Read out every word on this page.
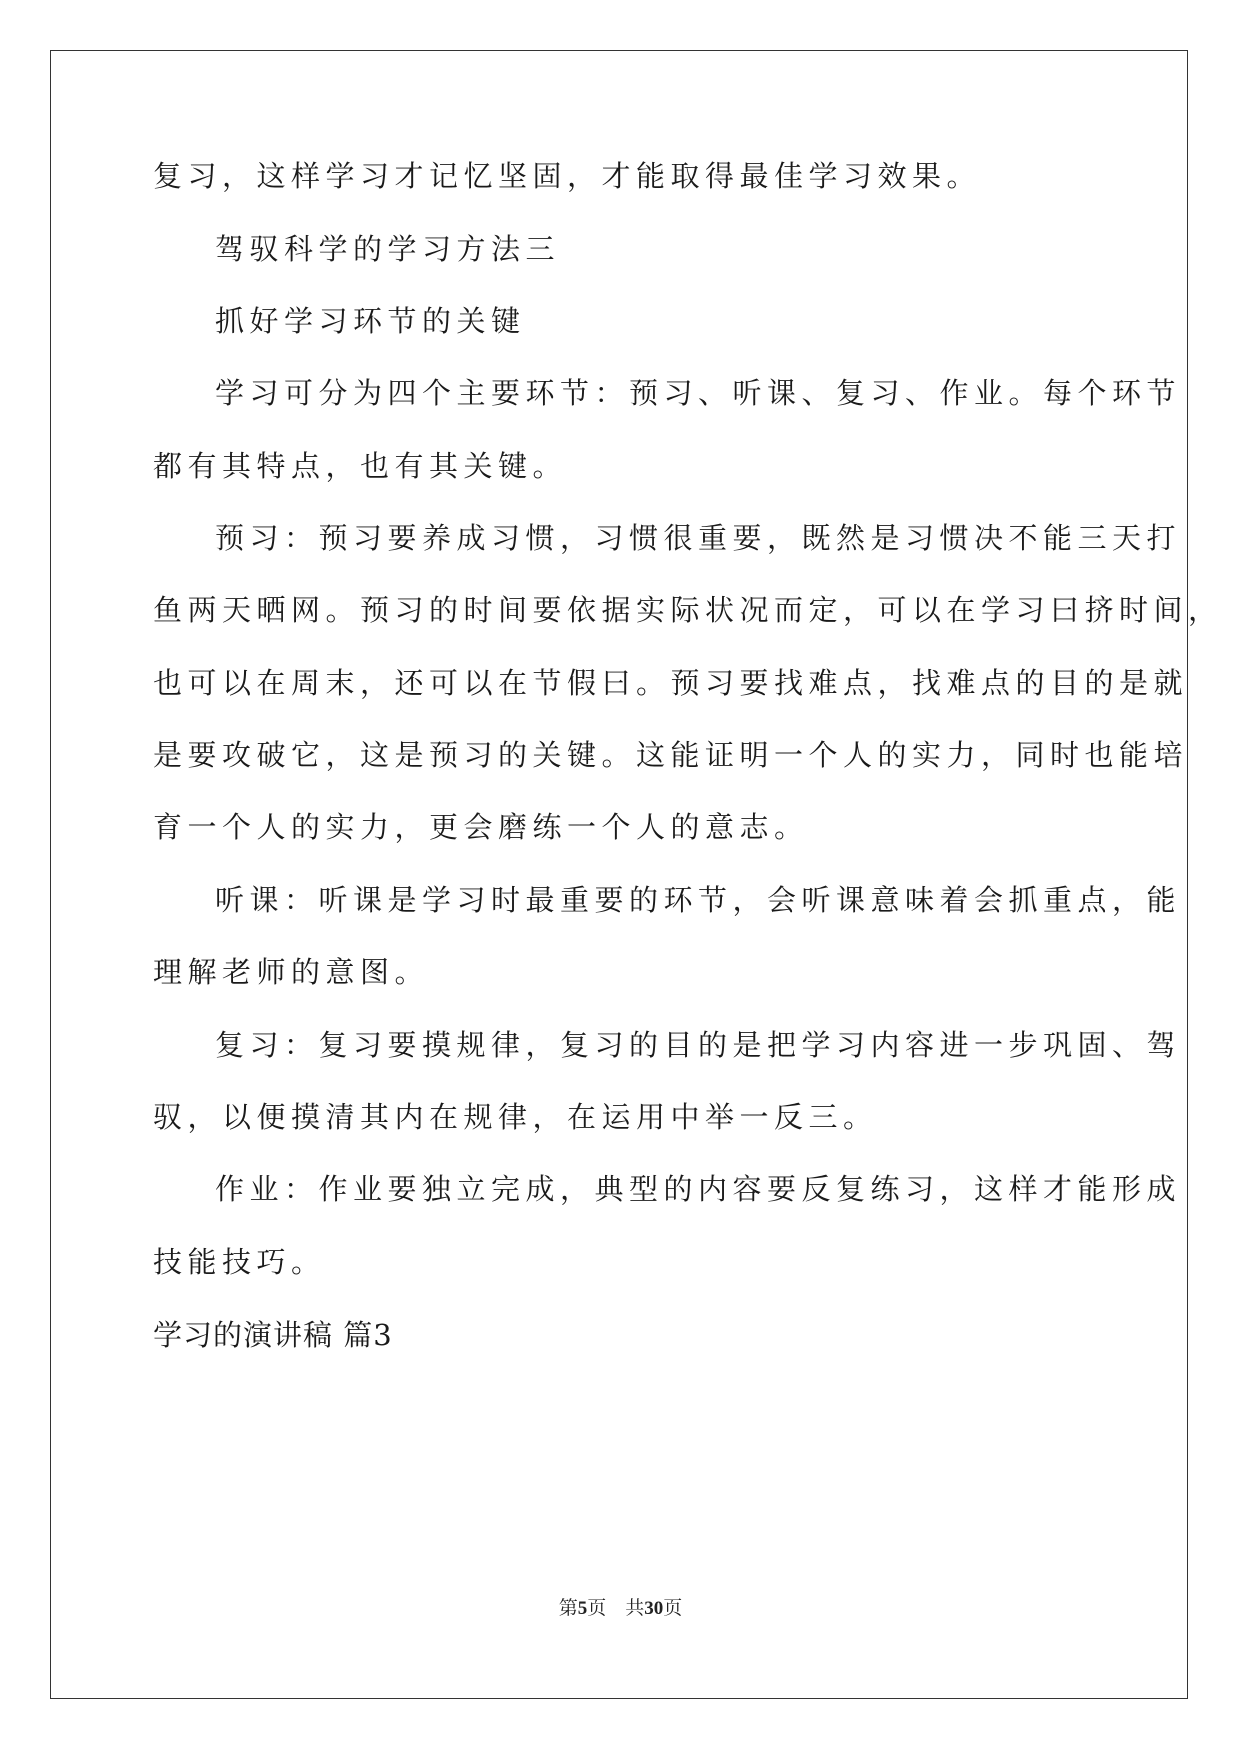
复习，这样学习才记忆坚固，才能取得最佳学习效果。
驾驭科学的学习方法三
抓好学习环节的关键
学习可分为四个主要环节：预习、听课、复习、作业。每个环节
都有其特点，也有其关键。
预习：预习要养成习惯，习惯很重要，既然是习惯决不能三天打
鱼两天晒网。预习的时间要依据实际状况而定，可以在学习曰挤时间，
也可以在周末，还可以在节假曰。预习要找难点，找难点的目的是就
是要攻破它，这是预习的关键。这能证明一个人的实力，同时也能培
育一个人的实力，更会磨练一个人的意志。
听课：听课是学习时最重要的环节，会听课意味着会抓重点，能
理解老师的意图。
复习：复习要摸规律，复习的目的是把学习内容进一步巩固、驾
驭，以便摸清其内在规律，在运用中举一反三。
作业：作业要独立完成，典型的内容要反复练习，这样才能形成
技能技巧。
学习的演讲稿 篇3
第5页 共30页
